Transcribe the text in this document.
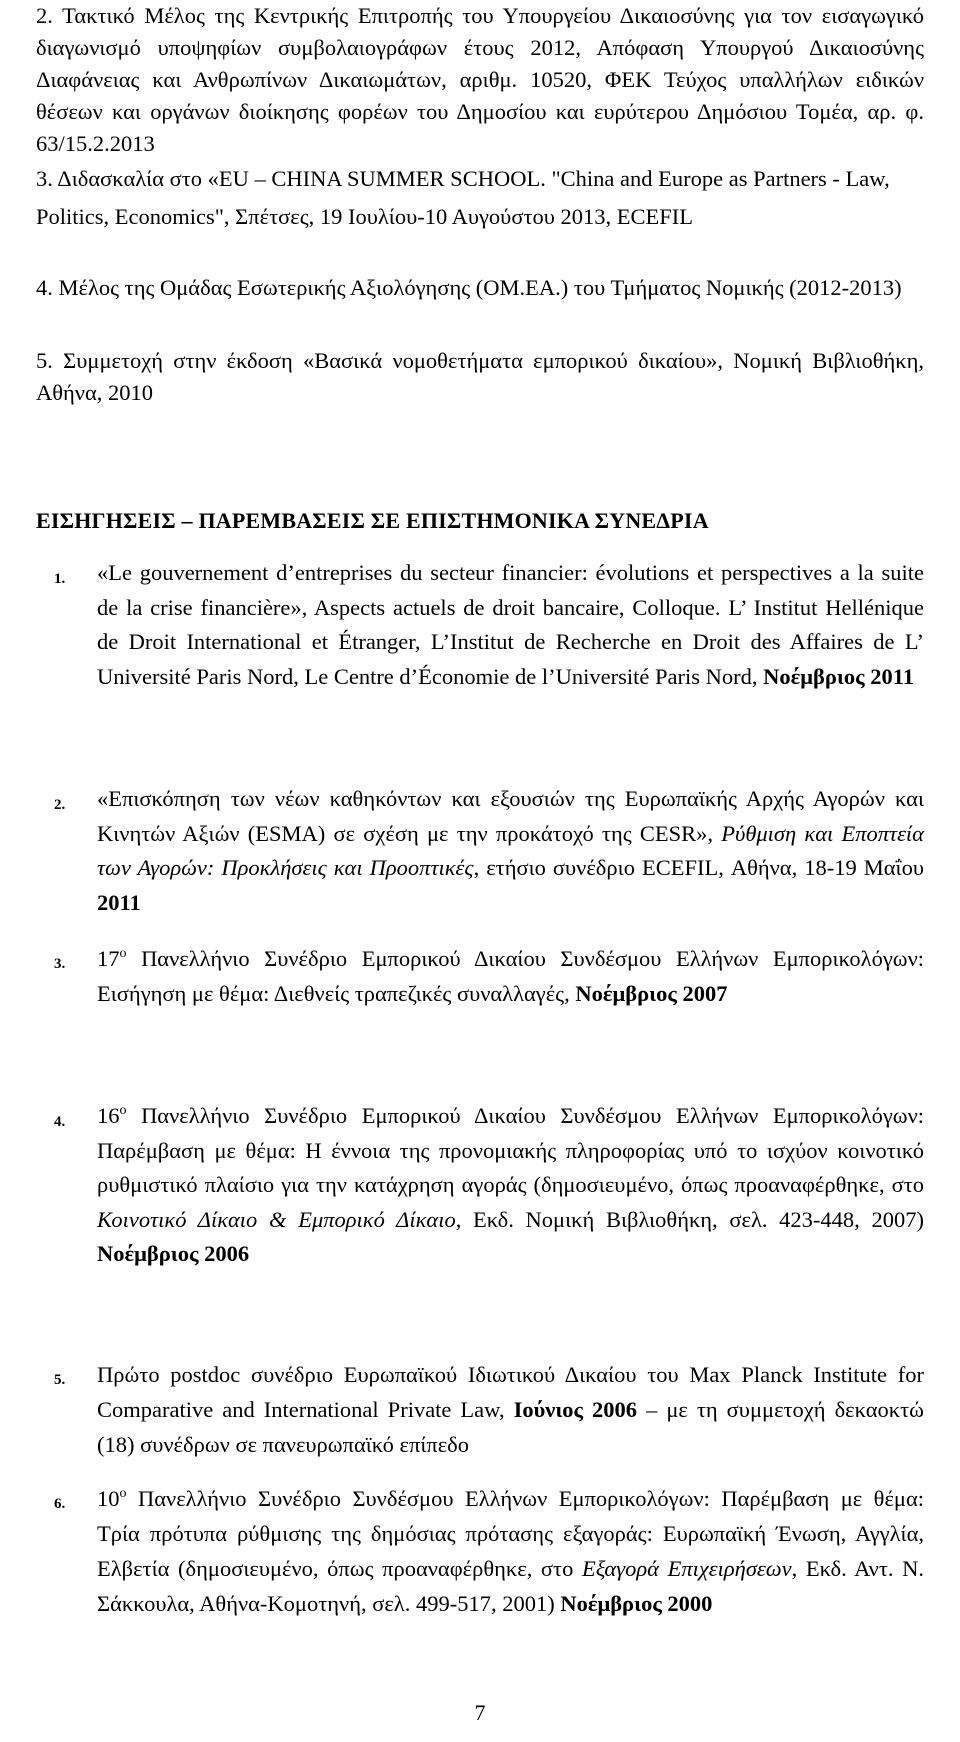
2. Τακτικό Μέλος της Κεντρικής Επιτροπής του Υπουργείου Δικαιοσύνης για τον εισαγωγικό διαγωνισμό υποψηφίων συμβολαιογράφων έτους 2012, Απόφαση Υπουργού Δικαιοσύνης Διαφάνειας και Ανθρωπίνων Δικαιωμάτων, αριθμ. 10520, ΦΕΚ Τεύχος υπαλλήλων ειδικών θέσεων και οργάνων διοίκησης φορέων του Δημοσίου και ευρύτερου Δημόσιου Τομέα, αρ. φ. 63/15.2.2013

3. Διδασκαλία στο «EU – CHINA SUMMER SCHOOL. "China and Europe as Partners - Law, Politics, Economics", Σπέτσες, 19 Ιουλίου-10 Αυγούστου 2013, ECEFIL

4. Μέλος της Ομάδας Εσωτερικής Αξιολόγησης (ΟΜ.ΕΑ.) του Τμήματος Νομικής (2012-2013)

5. Συμμετοχή στην έκδοση «Βασικά νομοθετήματα εμπορικού δικαίου», Νομική Βιβλιοθήκη, Αθήνα, 2010

ΕΙΣΗΓΗΣΕΙΣ – ΠΑΡΕΜΒΑΣΕΙΣ ΣΕ ΕΠΙΣΤΗΜΟΝΙΚΑ ΣΥΝΕΔΡΙΑ
1. «Le gouvernement d’entreprises du secteur financier: évolutions et perspectives a la suite de la crise financière», Aspects actuels de droit bancaire, Colloque. L’ Institut Hellénique de Droit International et Étranger, L’Institut de Recherche en Droit des Affaires de L’ Université Paris Nord, Le Centre d’Économie de l’Université Paris Nord, Noέμβριος 2011
2. «Επισκόπηση των νέων καθηκόντων και εξουσιών της Ευρωπαϊκής Αρχής Αγορών και Κινητών Αξιών (ESMA) σε σχέση με την προκάτοχό της CESR», Ρύθμιση και Εποπτεία των Αγορών: Προκλήσεις και Προοπτικές, ετήσιο συνέδριο ECEFIL, Αθήνα, 18-19 Μαΐου 2011
3. $17^o$ Πανελλήνιο Συνέδριο Εμπορικού Δικαίου Συνδέσμου Ελλήνων Εμπορικολόγων: Εισήγηση με θέμα: Διεθνείς τραπεζικές συναλλαγές, Νοέμβριος 2007
4. $16^o$ Πανελλήνιο Συνέδριο Εμπορικού Δικαίου Συνδέσμου Ελλήνων Εμπορικολόγων: Παρέμβαση με θέμα: Η έννοια της προνομιακής πληροφορίας υπό το ισχύον κοινοτικό ρυθμιστικό πλαίσιο για την κατάχρηση αγοράς (δημοσιευμένο, όπως προαναφέρθηκε, στο Κοινοτικό Δίκαιο & Εμπορικό Δίκαιο, Εκδ. Νομική Βιβλιοθήκη, σελ. 423-448, 2007) Νοέμβριος 2006
5. Πρώτο postdoc συνέδριο Ευρωπαϊκού Ιδιωτικού Δικαίου του Max Planck Institute for Comparative and International Private Law, Ιούνιος 2006 – με τη συμμετοχή δεκαοκτώ (18) συνέδρων σε πανευρωπαϊκό επίπεδο
6. $10^o$ Πανελλήνιο Συνέδριο Συνδέσμου Ελλήνων Εμπορικολόγων: Παρέμβαση με θέμα: Τρία πρότυπα ρύθμισης της δημόσιας πρότασης εξαγοράς: Ευρωπαϊκή Ένωση, Αγγλία, Ελβετία (δημοσιευμένο, όπως προαναφέρθηκε, στο Εξαγορά Επιχειρήσεων, Εκδ. Αντ. Ν. Σάκκουλα, Αθήνα-Κομοτηνή, σελ. 499-517, 2001) Νοέμβριος 2000
7
